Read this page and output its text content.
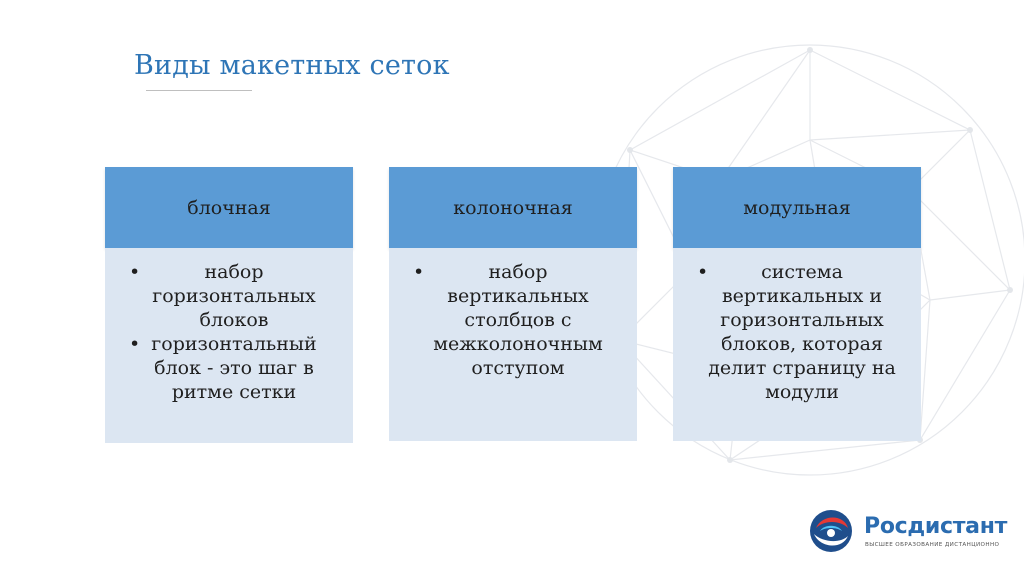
Виды макетных сеток
блочная
• набор горизонтальных блоков
• горизонтальный блок - это шаг в ритме сетки
колоночная
• набор вертикальных столбцов с межколоночным отступом
модульная
• система вертикальных и горизонтальных блоков, которая делит страницу на модули
Росдистант
ВЫСШЕЕ ОБРАЗОВАНИЕ ДИСТАНЦИОННО
